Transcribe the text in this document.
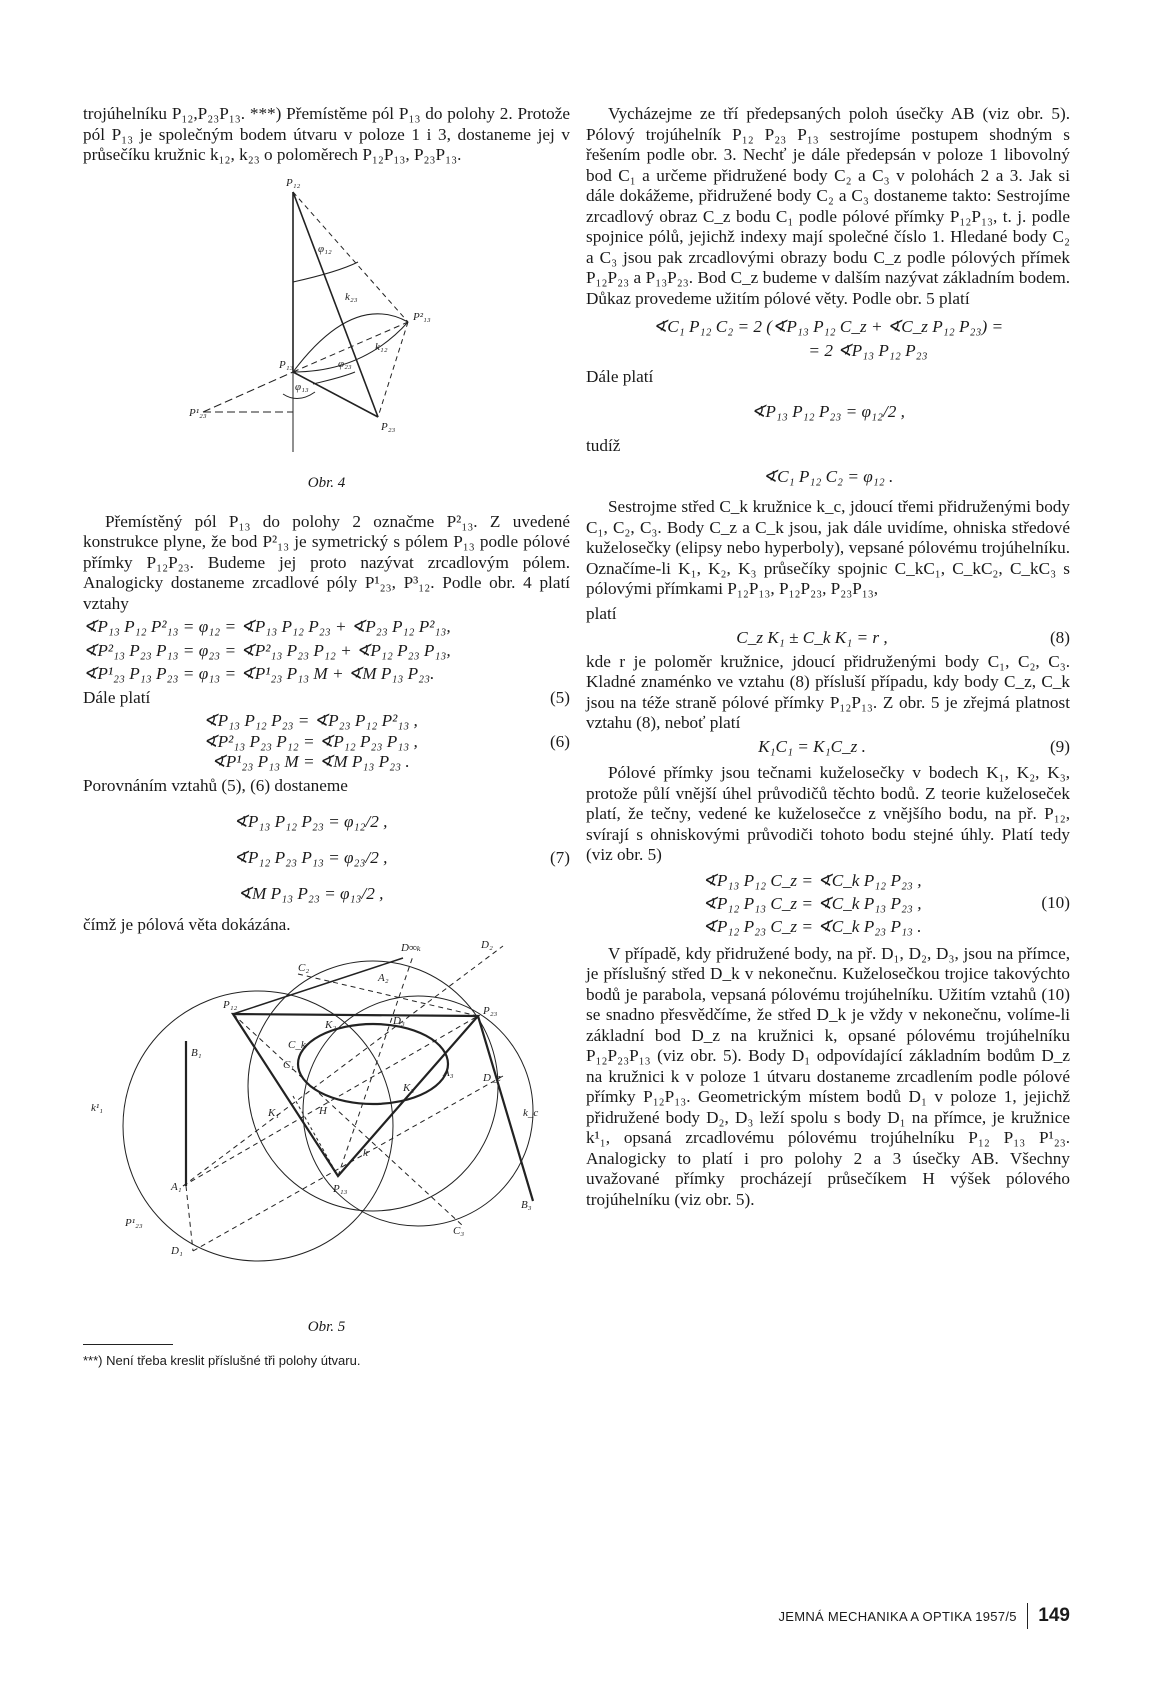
trojúhelníku P₁₂,P₂₃P₁₃. ***) Přemístěme pól P₁₃ do polohy 2. Protože pól P₁₃ je společným bodem útvaru v poloze 1 i 3, dostaneme jej v průsečíku kružnic k₁₂, k₂₃ o poloměrech P₁₂P₁₃, P₂₃P₁₃.

P₁₂
P²₁₃
P₁₃
P₂₃
P¹₂₃
φ₁₂
k₂₃
k₁₂
φ₂₃
φ₁₃
Obr. 4

Přemístěný pól P₁₃ do polohy 2 označme P²₁₃. Z uvedené konstrukce plyne, že bod P²₁₃ je symetrický s pólem P₁₃ podle pólové přímky P₁₂P₂₃. Budeme jej proto nazývat zrcadlovým pólem. Analogicky dostaneme zrcadlové póly P¹₂₃, P³₁₂. Podle obr. 4 platí vztahy

∢P₁₃ P₁₂ P²₁₃ = φ₁₂ = ∢P₁₃ P₁₂ P₂₃ + ∢P₂₃ P₁₂ P²₁₃,
∢P²₁₃ P₂₃ P₁₃ = φ₂₃ = ∢P²₁₃ P₂₃ P₁₂ + ∢P₁₂ P₂₃ P₁₃,
∢P¹₂₃ P₁₃ P₂₃ = φ₁₃ = ∢P¹₂₃ P₁₃ M + ∢M P₁₃ P₂₃.
Dále platí	(5)
∢P₁₃ P₁₂ P₂₃ = ∢P₂₃ P₁₂ P²₁₃ ,
∢P²₁₃ P₂₃ P₁₂ = ∢P₁₂ P₂₃ P₁₃ ,
∢P¹₂₃ P₁₃ M = ∢M P₁₃ P₂₃ .
(6)

Porovnáním vztahů (5), (6) dostaneme

∢P₁₃ P₁₂ P₂₃ = φ₁₂/2 ,
∢P₁₂ P₂₃ P₁₃ = φ₂₃/2 ,
∢M P₁₃ P₂₃ = φ₁₃/2 ,
(7)

čímž je pólová věta dokázána.

D∞ₖ	D₂
C₂
A₂
P₁₂
K₂	D₃
P₂₃
B₁
C₁
H
K₁
K₃
A₃	D_z
k¹₁
A₁
k
P₁₃
C₃
B₃
P¹₂₃
D₁
k_c
C_k
Obr. 5
***) Není třeba kreslit příslušné tři polohy útvaru.

Vycházejme ze tří předepsaných poloh úsečky AB (viz obr. 5). Pólový trojúhelník P₁₂ P₂₃ P₁₃ sestrojíme postupem shodným s řešením podle obr. 3. Nechť je dále předepsán v poloze 1 libovolný bod C₁ a určeme přidružené body C₂ a C₃ v polohách 2 a 3. Jak si dále dokážeme, přidružené body C₂ a C₃ dostaneme takto: Sestrojíme zrcadlový obraz C_z bodu C₁ podle pólové přímky P₁₂P₁₃, t. j. podle spojnice pólů, jejichž indexy mají společné číslo 1. Hledané body C₂ a C₃ jsou pak zrcadlovými obrazy bodu C_z podle pólových přímek P₁₂P₂₃ a P₁₃P₂₃. Bod C_z budeme v dalším nazývat základním bodem. Důkaz provedeme užitím pólové věty. Podle obr. 5 platí

∢C₁ P₁₂ C₂ = 2 (∢P₁₃ P₁₂ C_z + ∢C_z P₁₂ P₂₃) =
= 2 ∢P₁₃ P₁₂ P₂₃

Dále platí

∢P₁₃ P₁₂ P₂₃ = φ₁₂/2 ,

tudíž

∢C₁ P₁₂ C₂ = φ₁₂ .

Sestrojme střed C_k kružnice k_c, jdoucí třemi přidruženými body C₁, C₂, C₃. Body C_z a C_k jsou, jak dále uvidíme, ohniska středové kuželosečky (elipsy nebo hyperboly), vepsané pólovému trojúhelníku. Označíme-li K₁, K₂, K₃ průsečíky spojnic C_kC₁, C_kC₂, C_kC₃ s pólovými přímkami P₁₂P₁₃, P₁₂P₂₃, P₂₃P₁₃,

platí

C_z K₁ ± C_k K₁ = r ,	(8)

kde r je poloměr kružnice, jdoucí přidruženými body C₁, C₂, C₃. Kladné znaménko ve vztahu (8) přísluší případu, kdy body C_z, C_k jsou na téže straně pólové přímky P₁₂P₁₃. Z obr. 5 je zřejmá platnost vztahu (8), neboť platí

K₁C₁ = K₁C_z .	(9)

Pólové přímky jsou tečnami kuželosečky v bodech K₁, K₂, K₃, protože půlí vnější úhel průvodičů těchto bodů. Z teorie kuželoseček platí, že tečny, vedené ke kuželosečce z vnějšího bodu, na př. P₁₂, svírají s ohniskovými průvodiči tohoto bodu stejné úhly. Platí tedy (viz obr. 5)

∢P₁₃ P₁₂ C_z = ∢C_k P₁₂ P₂₃ ,
∢P₁₂ P₁₃ C_z = ∢C_k P₁₃ P₂₃ ,
∢P₁₂ P₂₃ C_z = ∢C_k P₂₃ P₁₃ .
(10)

V případě, kdy přidružené body, na př. D₁, D₂, D₃, jsou na přímce, je příslušný střed D_k v nekonečnu. Kuželosečkou trojice takovýchto bodů je parabola, vepsaná pólovému trojúhelníku. Užitím vztahů (10) se snadno přesvědčíme, že střed D_k je vždy v nekonečnu, volíme-li základní bod D_z na kružnici k, opsané pólovému trojúhelníku P₁₂P₂₃P₁₃ (viz obr. 5). Body D₁ odpovídající základním bodům D_z na kružnici k v poloze 1 útvaru dostaneme zrcadlením podle pólové přímky P₁₂P₁₃. Geometrickým místem bodů D₁ v poloze 1, jejichž přidružené body D₂, D₃ leží spolu s body D₁ na přímce, je kružnice k¹₁, opsaná zrcadlovému pólovému trojúhelníku P₁₂ P₁₃ P¹₂₃. Analogicky to platí i pro polohy 2 a 3 úsečky AB. Všechny uvažované přímky procházejí průsečíkem H výšek pólového trojúhelníku (viz obr. 5).

JEMNÁ MECHANIKA A OPTIKA 1957/5 149
